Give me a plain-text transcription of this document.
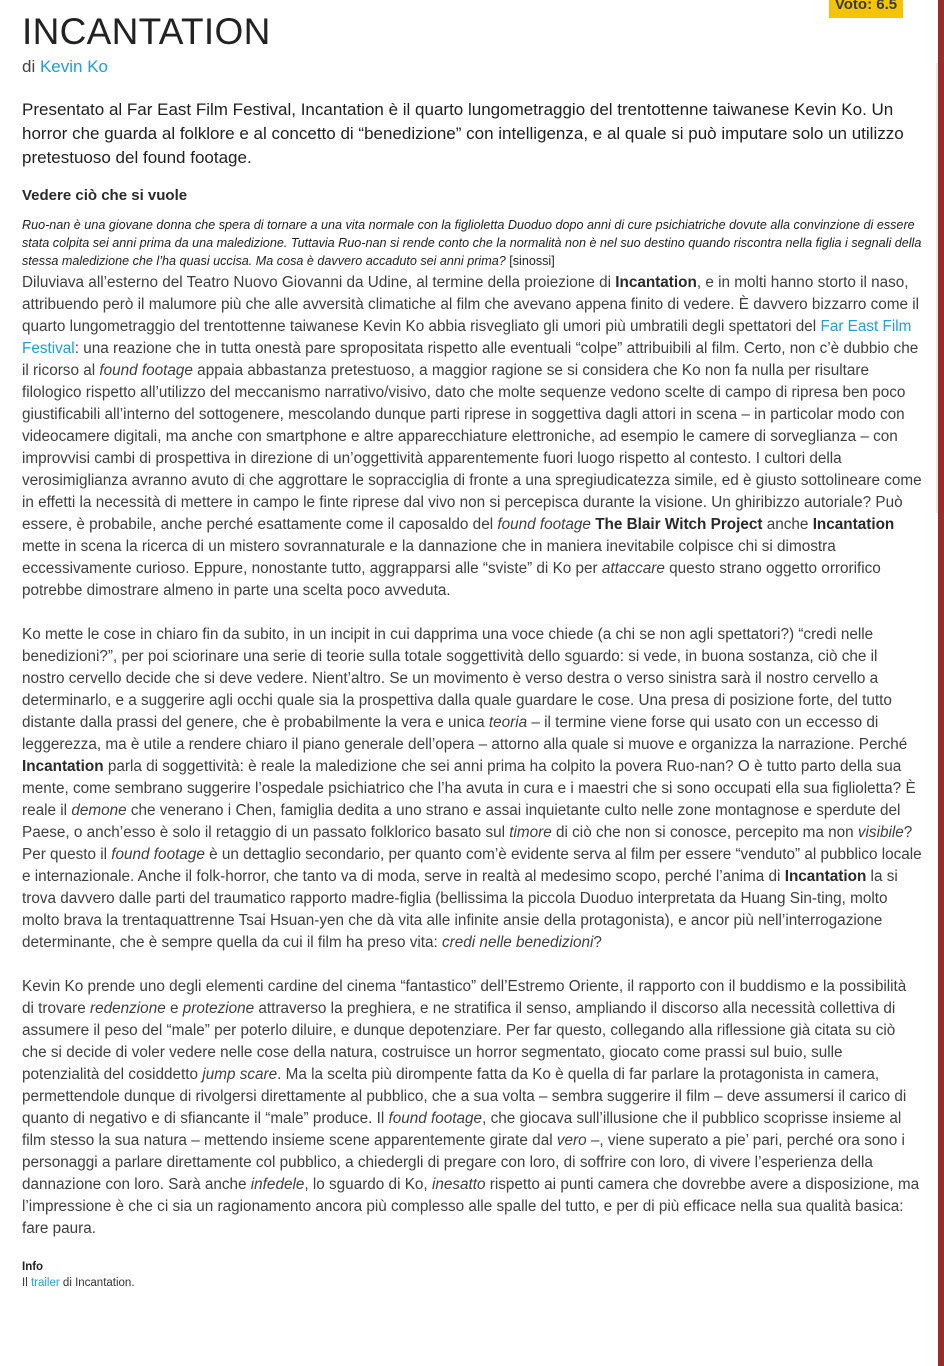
Voto: 6.5
INCANTATION
di Kevin Ko

Presentato al Far East Film Festival, Incantation è il quarto lungometraggio del trentottenne taiwanese Kevin Ko. Un horror che guarda al folklore e al concetto di “benedizione” con intelligenza, e al quale si può imputare solo un utilizzo pretestuoso del found footage.

Vedere ciò che si vuole

Ruo-nan è una giovane donna che spera di tornare a una vita normale con la figlioletta Duoduo dopo anni di cure psichiatriche dovute alla convinzione di essere stata colpita sei anni prima da una maledizione. Tuttavia Ruo-nan si rende conto che la normalità non è nel suo destino quando riscontra nella figlia i segnali della stessa maledizione che l’ha quasi uccisa. Ma cosa è davvero accaduto sei anni prima? [sinossi]

Diluviava all’esterno del Teatro Nuovo Giovanni da Udine, al termine della proiezione di Incantation, e in molti hanno storto il naso, attribuendo però il malumore più che alle avversità climatiche al film che avevano appena finito di vedere. È davvero bizzarro come il quarto lungometraggio del trentottenne taiwanese Kevin Ko abbia risvegliato gli umori più umbratili degli spettatori del Far East Film Festival: una reazione che in tutta onestà pare spropositata rispetto alle eventuali “colpe” attribuibili al film. Certo, non c’è dubbio che il ricorso al found footage appaia abbastanza pretestuoso, a maggior ragione se si considera che Ko non fa nulla per risultare filologico rispetto all’utilizzo del meccanismo narrativo/visivo, dato che molte sequenze vedono scelte di campo di ripresa ben poco giustificabili all’interno del sottogenere, mescolando dunque parti riprese in soggettiva dagli attori in scena – in particolar modo con videocamere digitali, ma anche con smartphone e altre apparecchiature elettroniche, ad esempio le camere di sorveglianza – con improvvisi cambi di prospettiva in direzione di un’oggettività apparentemente fuori luogo rispetto al contesto. I cultori della verosimiglianza avranno avuto di che aggrottare le sopracciglia di fronte a una spregiudicatezza simile, ed è giusto sottolineare come in effetti la necessità di mettere in campo le finte riprese dal vivo non si percepisca durante la visione. Un ghiribizzo autoriale? Può essere, è probabile, anche perché esattamente come il caposaldo del found footage The Blair Witch Project anche Incantation mette in scena la ricerca di un mistero sovrannaturale e la dannazione che in maniera inevitabile colpisce chi si dimostra eccessivamente curioso. Eppure, nonostante tutto, aggrapparsi alle “sviste” di Ko per attaccare questo strano oggetto orrorifico potrebbe dimostrare almeno in parte una scelta poco avveduta.

Ko mette le cose in chiaro fin da subito, in un incipit in cui dapprima una voce chiede (a chi se non agli spettatori?) “credi nelle benedizioni?”, per poi sciorinare una serie di teorie sulla totale soggettività dello sguardo: si vede, in buona sostanza, ciò che il nostro cervello decide che si deve vedere. Nient’altro. Se un movimento è verso destra o verso sinistra sarà il nostro cervello a determinarlo, e a suggerire agli occhi quale sia la prospettiva dalla quale guardare le cose. Una presa di posizione forte, del tutto distante dalla prassi del genere, che è probabilmente la vera e unica teoria – il termine viene forse qui usato con un eccesso di leggerezza, ma è utile a rendere chiaro il piano generale dell’opera – attorno alla quale si muove e organizza la narrazione. Perché Incantation parla di soggettività: è reale la maledizione che sei anni prima ha colpito la povera Ruo-nan? O è tutto parto della sua mente, come sembrano suggerire l’ospedale psichiatrico che l’ha avuta in cura e i maestri che si sono occupati ella sua figlioletta? È reale il demone che venerano i Chen, famiglia dedita a uno strano e assai inquietante culto nelle zone montagnose e sperdute del Paese, o anch’esso è solo il retaggio di un passato folklorico basato sul timore di ciò che non si conosce, percepito ma non visibile? Per questo il found footage è un dettaglio secondario, per quanto com’è evidente serva al film per essere “venduto” al pubblico locale e internazionale. Anche il folk-horror, che tanto va di moda, serve in realtà al medesimo scopo, perché l’anima di Incantation la si trova davvero dalle parti del traumatico rapporto madre-figlia (bellissima la piccola Duoduo interpretata da Huang Sin-ting, molto molto brava la trentaquattrenne Tsai Hsuan-yen che dà vita alle infinite ansie della protagonista), e ancor più nell’interrogazione determinante, che è sempre quella da cui il film ha preso vita: credi nelle benedizioni?

Kevin Ko prende uno degli elementi cardine del cinema “fantastico” dell’Estremo Oriente, il rapporto con il buddismo e la possibilità di trovare redenzione e protezione attraverso la preghiera, e ne stratifica il senso, ampliando il discorso alla necessità collettiva di assumere il peso del “male” per poterlo diluire, e dunque depotenziare. Per far questo, collegando alla riflessione già citata su ciò che si decide di voler vedere nelle cose della natura, costruisce un horror segmentato, giocato come prassi sul buio, sulle potenzialità del cosiddetto jump scare. Ma la scelta più dirompente fatta da Ko è quella di far parlare la protagonista in camera, permettendole dunque di rivolgersi direttamente al pubblico, che a sua volta – sembra suggerire il film – deve assumersi il carico di quanto di negativo e di sfiancante il “male” produce. Il found footage, che giocava sull’illusione che il pubblico scoprisse insieme al film stesso la sua natura – mettendo insieme scene apparentemente girate dal vero –, viene superato a pie’ pari, perché ora sono i personaggi a parlare direttamente col pubblico, a chiedergli di pregare con loro, di soffrire con loro, di vivere l’esperienza della dannazione con loro. Sarà anche infedele, lo sguardo di Ko, inesatto rispetto ai punti camera che dovrebbe avere a disposizione, ma l’impressione è che ci sia un ragionamento ancora più complesso alle spalle del tutto, e per di più efficace nella sua qualità basica: fare paura.

Info

Il trailer di Incantation.
